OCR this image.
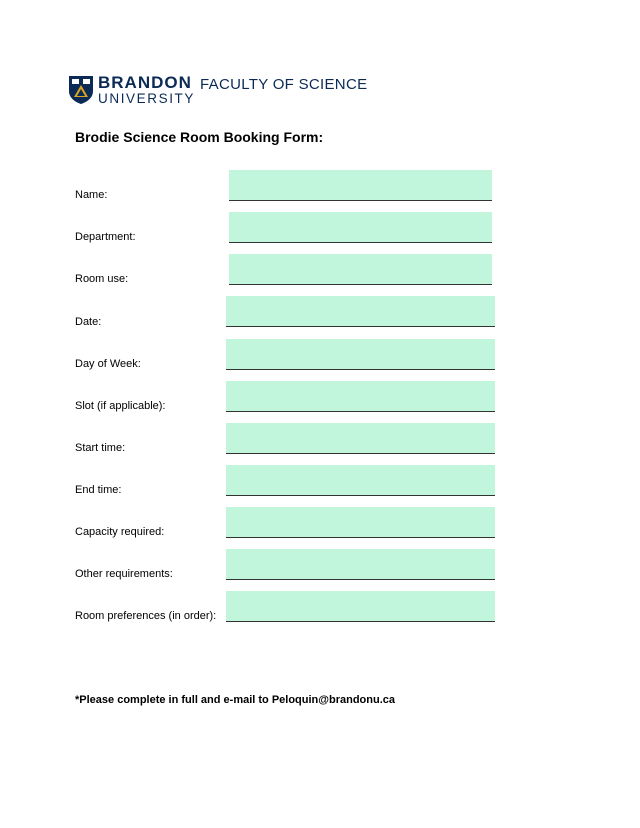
BRANDON
UNIVERSITY
FACULTY OF SCIENCE
Brodie Science Room Booking Form:
Name:
Department:
Room use:
Date:
Day of Week:
Slot (if applicable):
Start time:
End time:
Capacity required:
Other requirements:
Room preferences (in order):
*Please complete in full and e-mail to Peloquin@brandonu.ca
